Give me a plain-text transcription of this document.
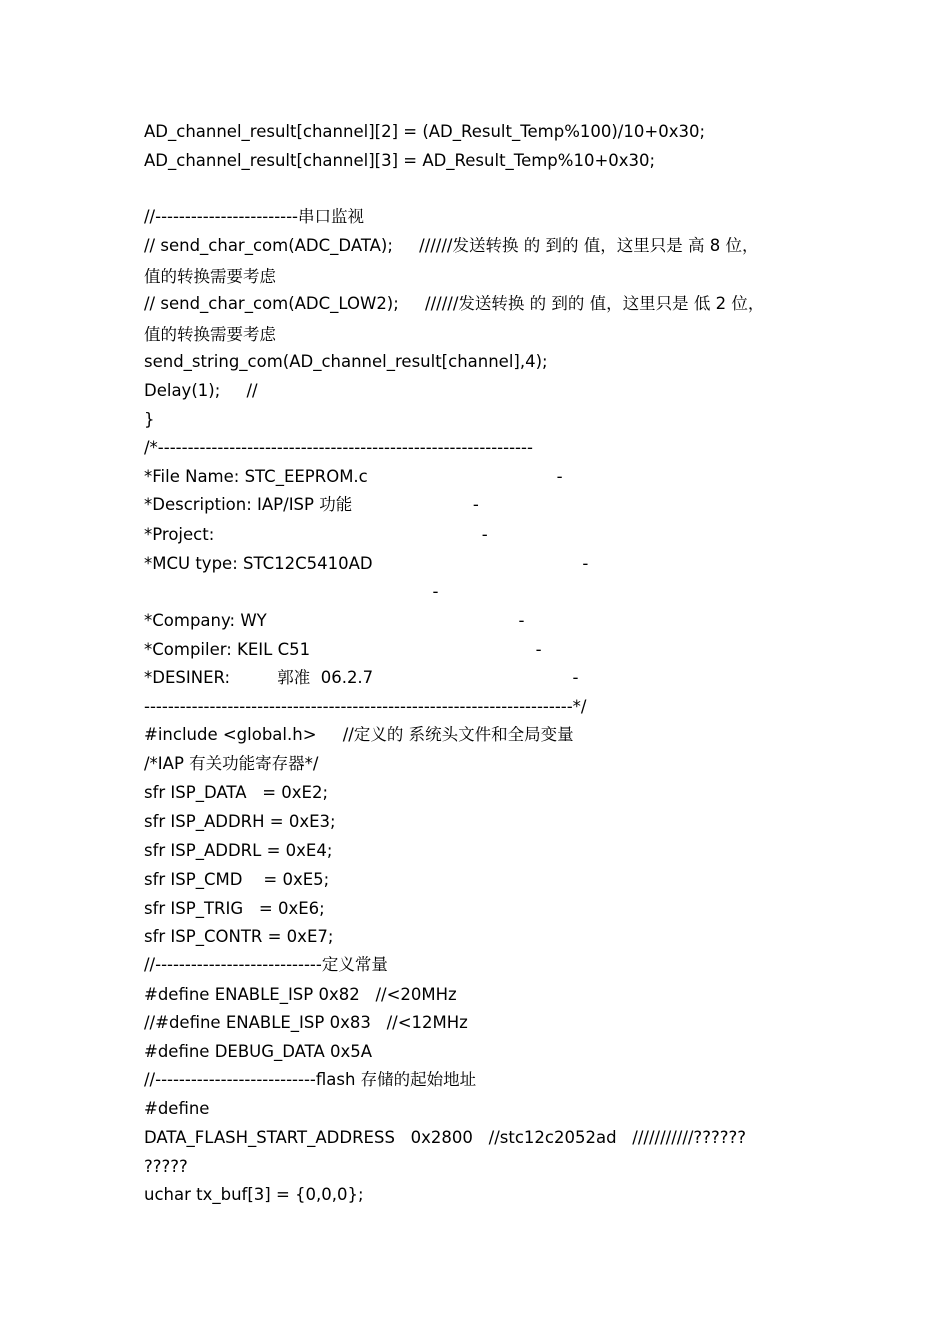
AD_channel_result[channel][2] = (AD_Result_Temp%100)/10+0x30;
AD_channel_result[channel][3] = AD_Result_Temp%10+0x30;
//------------------------串口监视
// send_char_com(ADC_DATA);     //////发送转换 的 到的 值，这里只是 高 8 位，
值的转换需要考虑
// send_char_com(ADC_LOW2);     //////发送转换 的 到的 值，这里只是 低 2 位，
值的转换需要考虑
send_string_com(AD_channel_result[channel],4);
Delay(1);     //
}
/*---------------------------------------------------------------
*File Name: STC_EEPROM.c                                    -
*Description: IAP/ISP 功能                       -
*Project:                                                   -
*MCU type: STC12C5410AD                                        -
-
*Company: WY                                                -
*Compiler: KEIL C51                                           -
*DESINER:         郭准  06.2.7                                      -
------------------------------------------------------------------------*/
#include <global.h>     //定义的 系统头文件和全局变量
/*IAP 有关功能寄存器*/
sfr ISP_DATA   = 0xE2;
sfr ISP_ADDRH = 0xE3;
sfr ISP_ADDRL = 0xE4;
sfr ISP_CMD    = 0xE5;
sfr ISP_TRIG   = 0xE6;
sfr ISP_CONTR = 0xE7;
//----------------------------定义常量
#define ENABLE_ISP 0x82   //<20MHz
//#define ENABLE_ISP 0x83   //<12MHz
#define DEBUG_DATA 0x5A
//---------------------------flash 存储的起始地址
#define
DATA_FLASH_START_ADDRESS   0x2800   //stc12c2052ad   ///////////??????
?????
uchar tx_buf[3] = {0,0,0};
